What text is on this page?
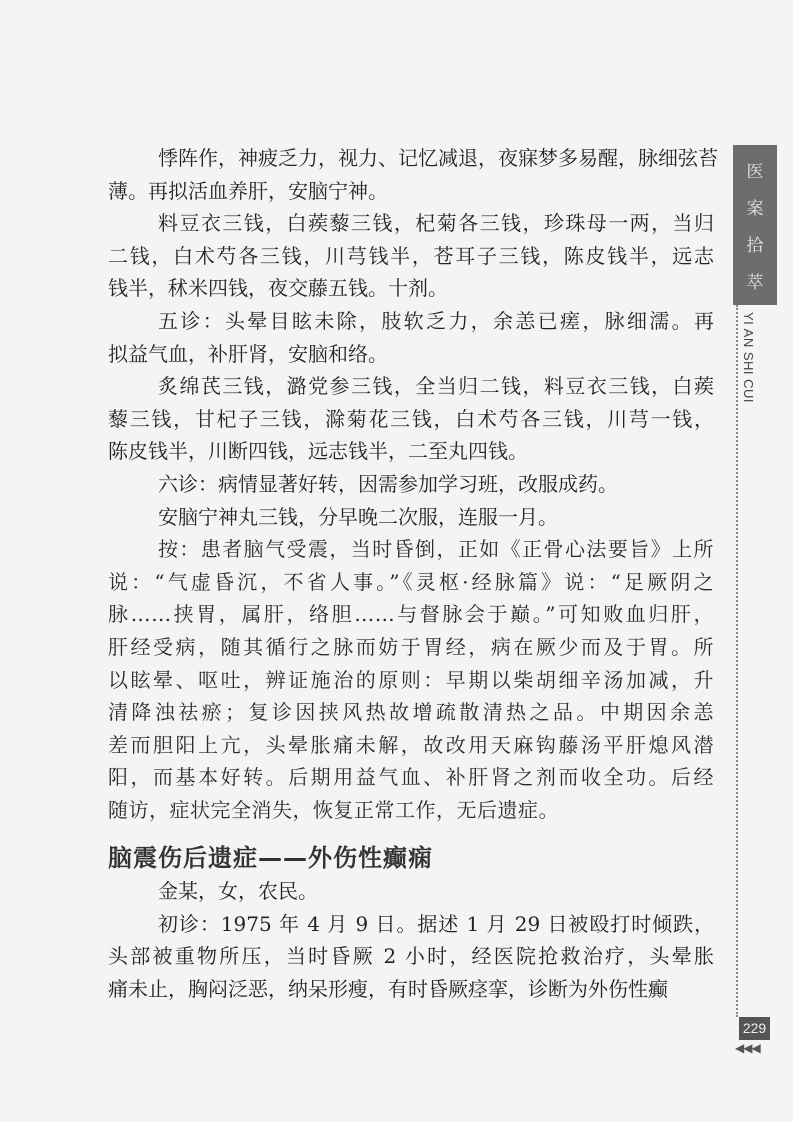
悸阵作，神疲乏力，视力、记忆减退，夜寐梦多易醒，脉细弦苔
薄。再拟活血养肝，安脑宁神。
料豆衣三钱，白蒺藜三钱，杞菊各三钱，珍珠母一两，当归
二钱，白术芍各三钱，川芎钱半，苍耳子三钱，陈皮钱半，远志
钱半，秫米四钱，夜交藤五钱。十剂。
五诊：头晕目眩未除，肢软乏力，余恙已瘥，脉细濡。再
拟益气血，补肝肾，安脑和络。
炙绵芪三钱，潞党参三钱，全当归二钱，料豆衣三钱，白蒺
藜三钱，甘杞子三钱，滁菊花三钱，白术芍各三钱，川芎一钱，
陈皮钱半，川断四钱，远志钱半，二至丸四钱。
六诊：病情显著好转，因需参加学习班，改服成药。
安脑宁神丸三钱，分早晚二次服，连服一月。
按：患者脑气受震，当时昏倒，正如《正骨心法要旨》上所
说：“气虚昏沉，不省人事。”《灵枢·经脉篇》说：“足厥阴之
脉……挟胃，属肝，络胆……与督脉会于巅。”可知败血归肝，
肝经受病，随其循行之脉而妨于胃经，病在厥少而及于胃。所
以眩晕、呕吐，辨证施治的原则：早期以柴胡细辛汤加减，升
清降浊祛瘀；复诊因挟风热故增疏散清热之品。中期因余恙
差而胆阳上亢，头晕胀痛未解，故改用天麻钩藤汤平肝熄风潜
阳，而基本好转。后期用益气血、补肝肾之剂而收全功。后经
随访，症状完全消失，恢复正常工作，无后遗症。
脑震伤后遗症——外伤性癫痫
金某，女，农民。
初诊：1975 年 4 月 9 日。据述 1 月 29 日被殴打时倾跌，
头部被重物所压，当时昏厥 2 小时，经医院抢救治疗，头晕胀
痛未止，胸闷泛恶，纳呆形瘦，有时昏厥痉挛，诊断为外伤性癫
医
案
拾
萃
YI AN SHI CUI
229
◀◀◀
